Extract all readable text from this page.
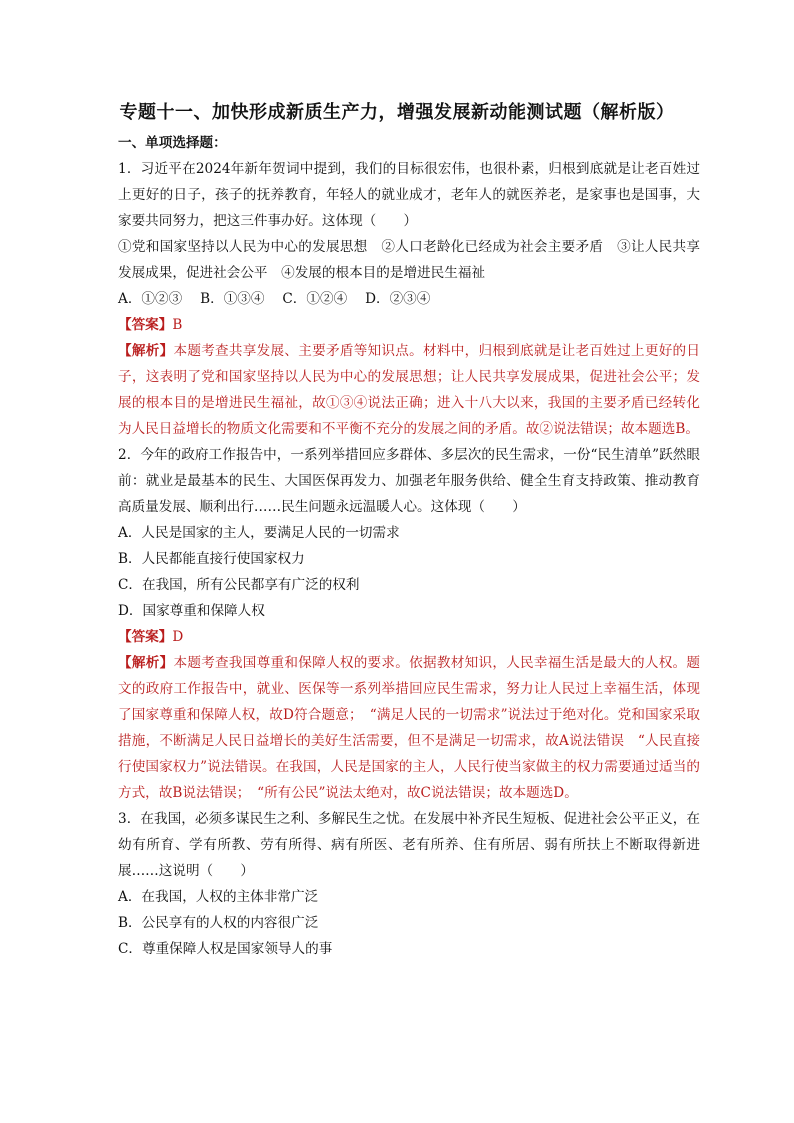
专题十一、加快形成新质生产力，增强发展新动能测试题（解析版）

一、单项选择题：

1．习近平在2024年新年贺词中提到，我们的目标很宏伟，也很朴素，归根到底就是让老百姓过上更好的日子，孩子的抚养教育，年轻人的就业成才，老年人的就医养老，是家事也是国事，大家要共同努力，把这三件事办好。这体现（　　）

①党和国家坚持以人民为中心的发展思想　②人口老龄化已经成为社会主要矛盾　③让人民共享发展成果，促进社会公平　④发展的根本目的是增进民生福祉

A．①②③　 B．①③④　 C．①②④　 D．②③④

【答案】B

【解析】本题考查共享发展、主要矛盾等知识点。材料中，归根到底就是让老百姓过上更好的日子，这表明了党和国家坚持以人民为中心的发展思想；让人民共享发展成果，促进社会公平；发展的根本目的是增进民生福祉，故①③④说法正确；进入十八大以来，我国的主要矛盾已经转化为人民日益增长的物质文化需要和不平衡不充分的发展之间的矛盾。故②说法错误；故本题选B。

2．今年的政府工作报告中，一系列举措回应多群体、多层次的民生需求，一份“民生清单”跃然眼前：就业是最基本的民生、大国医保再发力、加强老年服务供给、健全生育支持政策、推动教育高质量发展、顺利出行……民生问题永远温暖人心。这体现（　　）

A．人民是国家的主人，要满足人民的一切需求

B．人民都能直接行使国家权力

C．在我国，所有公民都享有广泛的权利

D．国家尊重和保障人权

【答案】D

【解析】本题考查我国尊重和保障人权的要求。依据教材知识，人民幸福生活是最大的人权。题文的政府工作报告中，就业、医保等一系列举措回应民生需求，努力让人民过上幸福生活，体现了国家尊重和保障人权，故D符合题意；　“满足人民的一切需求”说法过于绝对化。党和国家采取措施，不断满足人民日益增长的美好生活需要，但不是满足一切需求，故A说法错误　“人民直接行使国家权力”说法错误。在我国，人民是国家的主人，人民行使当家做主的权力需要通过适当的方式，故B说法错误；　“所有公民”说法太绝对，故C说法错误；故本题选D。

3．在我国，必须多谋民生之利、多解民生之忧。在发展中补齐民生短板、促进社会公平正义，在幼有所育、学有所教、劳有所得、病有所医、老有所养、住有所居、弱有所扶上不断取得新进展……这说明（　　）

A．在我国，人权的主体非常广泛

B．公民享有的人权的内容很广泛

C．尊重保障人权是国家领导人的事
